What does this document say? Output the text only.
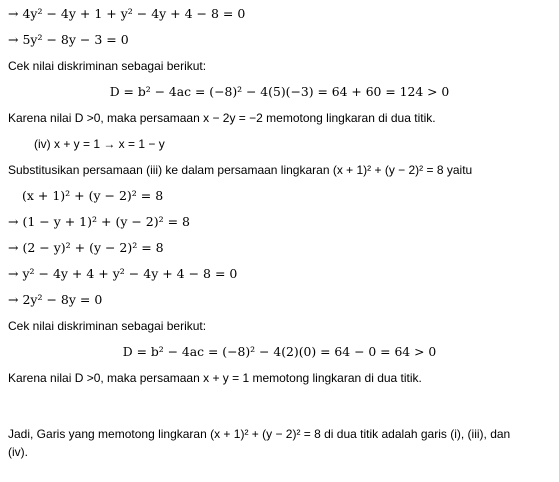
→ 4y² − 4y + 1 + y² − 4y + 4 − 8 = 0
→ 5y² − 8y − 3 = 0
Cek nilai diskriminan sebagai berikut:
D = b² − 4ac = (−8)² − 4(5)(−3) = 64 + 60 = 124 > 0
Karena nilai D >0, maka persamaan x − 2y = −2 memotong lingkaran di dua titik.
(iv) x + y = 1 → x = 1 − y
Substitusikan persamaan (iii) ke dalam persamaan lingkaran (x + 1)² + (y − 2)² = 8 yaitu
(x + 1)² + (y − 2)² = 8
→ (1 − y + 1)² + (y − 2)² = 8
→ (2 − y)² + (y − 2)² = 8
→ y² − 4y + 4 + y² − 4y + 4 − 8 = 0
→ 2y² − 8y = 0
Cek nilai diskriminan sebagai berikut:
D = b² − 4ac = (−8)² − 4(2)(0) = 64 − 0 = 64 > 0
Karena nilai D >0, maka persamaan x + y = 1 memotong lingkaran di dua titik.
Jadi, Garis yang memotong lingkaran (x + 1)² + (y − 2)² = 8 di dua titik adalah garis (i), (iii), dan
(iv).
